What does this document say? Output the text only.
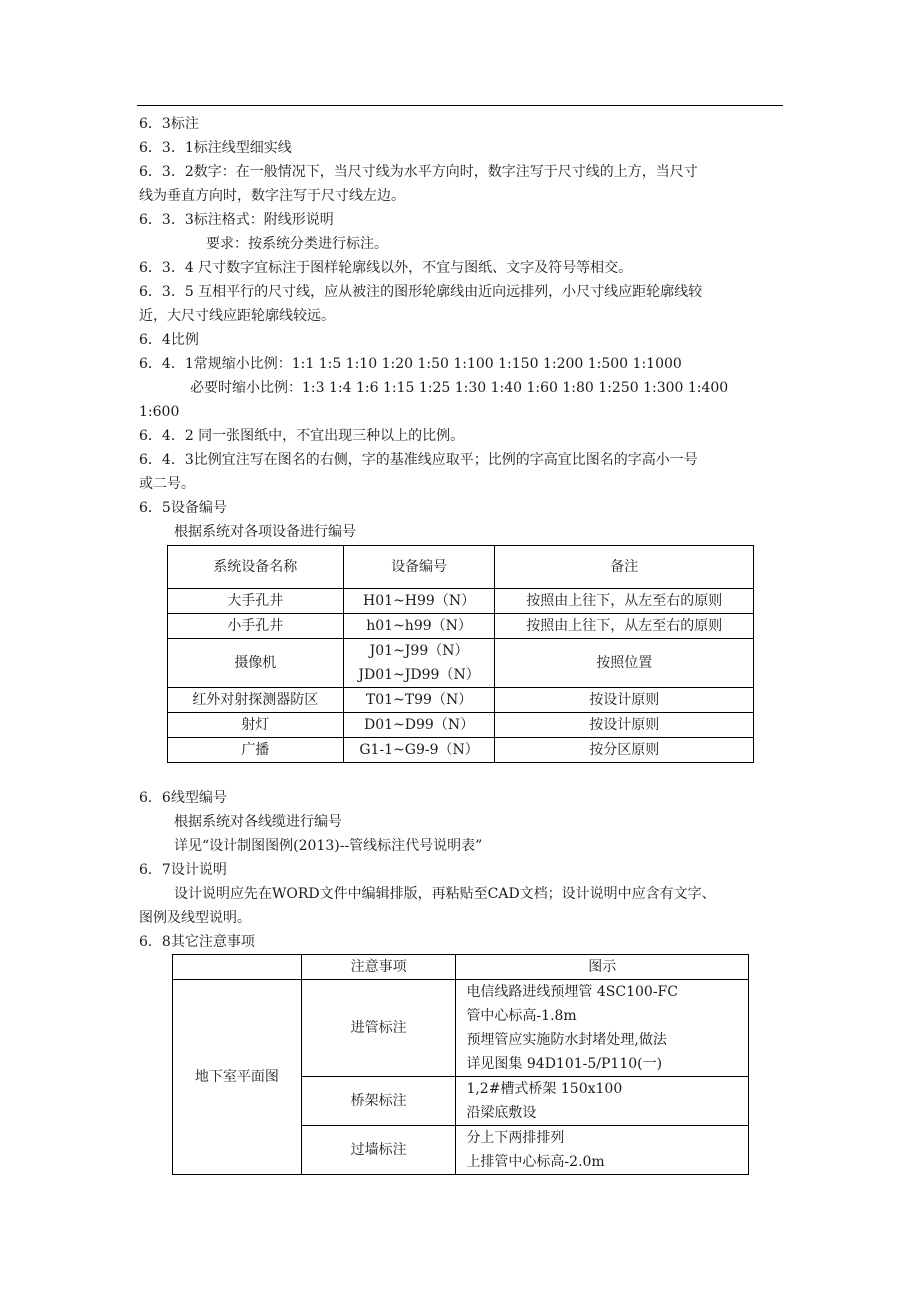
6．3标注
6．3．1标注线型细实线
6．3．2数字：在一般情况下，当尺寸线为水平方向时，数字注写于尺寸线的上方，当尺寸
线为垂直方向时，数字注写于尺寸线左边。
6．3．3标注格式：附线形说明
要求：按系统分类进行标注。
6．3．4 尺寸数字宜标注于图样轮廓线以外，不宜与图纸、文字及符号等相交。
6．3．5 互相平行的尺寸线，应从被注的图形轮廓线由近向远排列，小尺寸线应距轮廓线较
近，大尺寸线应距轮廓线较远。
6．4比例
6．4．1常规缩小比例：1:1 1:5 1:10 1:20 1:50 1:100 1:150 1:200 1:500 1:1000
必要时缩小比例：1:3 1:4 1:6 1:15 1:25 1:30 1:40 1:60 1:80 1:250 1:300 1:400
1:600
6．4．2 同一张图纸中，不宜出现三种以上的比例。
6．4．3比例宜注写在图名的右侧，字的基准线应取平；比例的字高宜比图名的字高小一号
或二号。
6．5设备编号
根据系统对各项设备进行编号
系统设备名称	设备编号	备注
大手孔井	H01~H99（N）	按照由上往下，从左至右的原则
小手孔井	h01~h99（N）	按照由上往下，从左至右的原则
摄像机	J01~J99（N）
JD01~JD99（N）	按照位置
红外对射探测器防区	T01~T99（N）	按设计原则
射灯	D01~D99（N）	按设计原则
广播	G1-1~G9-9（N）	按分区原则
6．6线型编号
根据系统对各线缆进行编号
详见“设计制图图例(2013)--管线标注代号说明表”
6．7设计说明
设计说明应先在WORD文件中编辑排版，再粘贴至CAD文档；设计说明中应含有文字、
图例及线型说明。
6．8其它注意事项
	注意事项	图示
地下室平面图	进管标注	电信线路进线预埋管 4SC100-FC
管中心标高-1.8m
预埋管应实施防水封堵处理,做法
详见图集 94D101-5/P110(一)

	桥架标注	1,2#槽式桥架 150x100
沿梁底敷设

	过墙标注	分上下两排排列
上排管中心标高-2.0m
